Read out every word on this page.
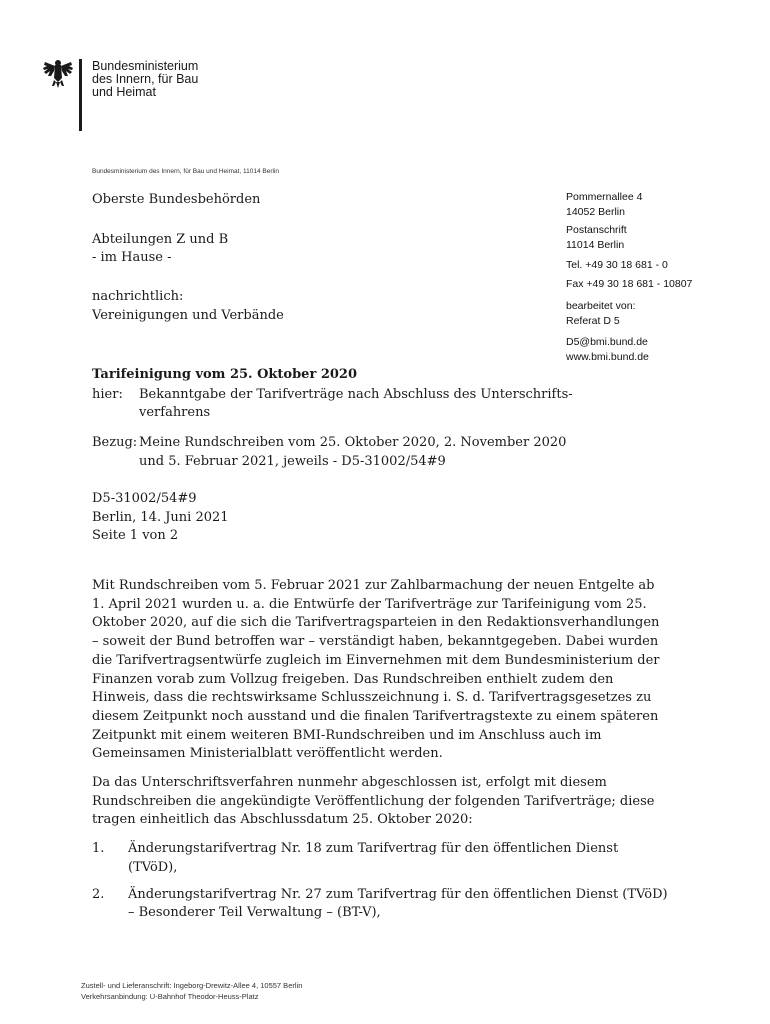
Bundesministerium
des Innern, für Bau
und Heimat
Bundesministerium des Innern, für Bau und Heimat, 11014 Berlin
Oberste Bundesbehörden
Abteilungen Z und B
- im Hause -
nachrichtlich:
Vereinigungen und Verbände
Pommernallee 4
14052 Berlin
Postanschrift
11014 Berlin
Tel. +49 30 18 681 - 0
Fax +49 30 18 681 - 10807
bearbeitet von:
Referat D 5
D5@bmi.bund.de
www.bmi.bund.de
Tarifeinigung vom 25. Oktober 2020
hier: Bekanntgabe der Tarifverträge nach Abschluss des Unterschrifts-
verfahrens
Bezug: Meine Rundschreiben vom 25. Oktober 2020, 2. November 2020
und 5. Februar 2021, jeweils - D5-31002/54#9
D5-31002/54#9
Berlin, 14. Juni 2021
Seite 1 von 2

Mit Rundschreiben vom 5. Februar 2021 zur Zahlbarmachung der neuen Entgelte ab 1. April 2021 wurden u. a. die Entwürfe der Tarifverträge zur Tarifeinigung vom 25. Oktober 2020, auf die sich die Tarifvertragsparteien in den Redaktionsverhandlungen – soweit der Bund betroffen war – verständigt haben, bekanntgegeben. Dabei wurden die Tarifvertragsentwürfe zugleich im Einvernehmen mit dem Bundesministerium der Finanzen vorab zum Vollzug freigeben. Das Rundschreiben enthielt zudem den Hinweis, dass die rechtswirksame Schlusszeichnung i. S. d. Tarifvertragsgesetzes zu diesem Zeitpunkt noch ausstand und die finalen Tarifvertragstexte zu einem späteren Zeitpunkt mit einem weiteren BMI-Rundschreiben und im Anschluss auch im Gemeinsamen Ministerialblatt veröffentlicht werden.

Da das Unterschriftsverfahren nunmehr abgeschlossen ist, erfolgt mit diesem Rundschreiben die angekündigte Veröffentlichung der folgenden Tarifverträge; diese tragen einheitlich das Abschlussdatum 25. Oktober 2020:

1.	Änderungstarifvertrag Nr. 18 zum Tarifvertrag für den öffentlichen Dienst (TVöD),
2.	Änderungstarifvertrag Nr. 27 zum Tarifvertrag für den öffentlichen Dienst (TVöD) – Besonderer Teil Verwaltung – (BT-V),
Zustell- und Lieferanschrift: Ingeborg-Drewitz-Allee 4, 10557 Berlin
Verkehrsanbindung: U-Bahnhof Theodor-Heuss-Platz
